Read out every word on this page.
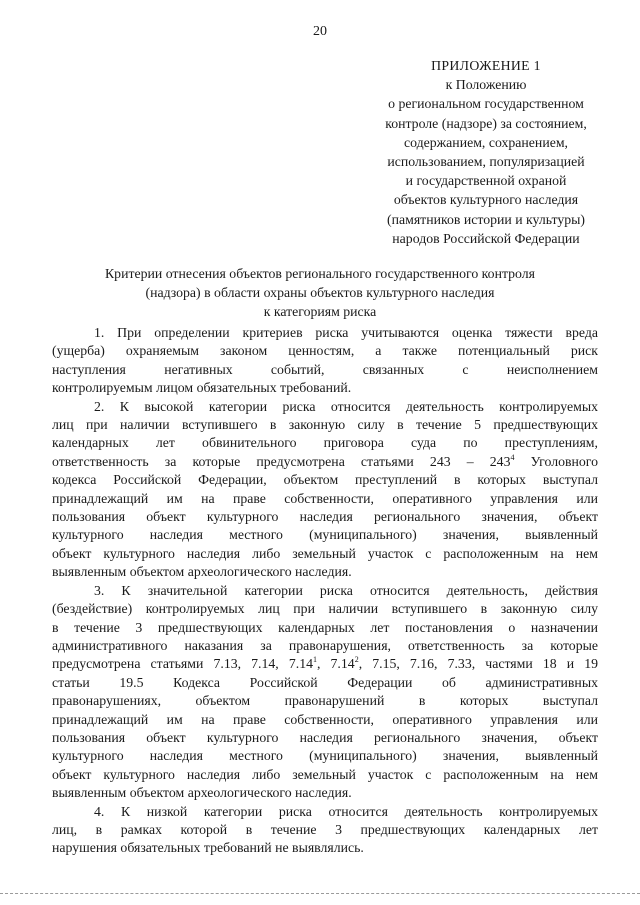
20
ПРИЛОЖЕНИЕ 1
к Положению
о региональном государственном
контроле (надзоре) за состоянием,
содержанием, сохранением,
использованием, популяризацией
и государственной охраной
объектов культурного наследия
(памятников истории и культуры)
народов Российской Федерации
Критерии отнесения объектов регионального государственного контроля
(надзора) в области охраны объектов культурного наследия
к категориям риска
1. При определении критериев риска учитываются оценка тяжести вреда
(ущерба) охраняемым законом ценностям, а также потенциальный риск
наступления негативных событий, связанных с неисполнением
контролируемым лицом обязательных требований.
2. К высокой категории риска относится деятельность контролируемых
лиц при наличии вступившего в законную силу в течение 5 предшествующих
календарных лет обвинительного приговора суда по преступлениям,
ответственность за которые предусмотрена статьями $243 - 243^4$ Уголовного
кодекса Российской Федерации, объектом преступлений в которых выступал
принадлежащий им на праве собственности, оперативного управления или
пользования объект культурного наследия регионального значения, объект
культурного наследия местного (муниципального) значения, выявленный
объект культурного наследия либо земельный участок с расположенным на нем
выявленным объектом археологического наследия.
3. К значительной категории риска относится деятельность, действия
(бездействие) контролируемых лиц при наличии вступившего в законную силу
в течение 3 предшествующих календарных лет постановления о назначении
административного наказания за правонарушения, ответственность за которые
предусмотрена статьями 7.13, 7.14, 7.14$^1$, 7.14$^2$, 7.15, 7.16, 7.33, частями 18 и 19
статьи 19.5 Кодекса Российской Федерации об административных
правонарушениях, объектом правонарушений в которых выступал
принадлежащий им на праве собственности, оперативного управления или
пользования объект культурного наследия регионального значения, объект
культурного наследия местного (муниципального) значения, выявленный
объект культурного наследия либо земельный участок с расположенным на нем
выявленным объектом археологического наследия.
4. К низкой категории риска относится деятельность контролируемых
лиц, в рамках которой в течение 3 предшествующих календарных лет
нарушения обязательных требований не выявлялись.
